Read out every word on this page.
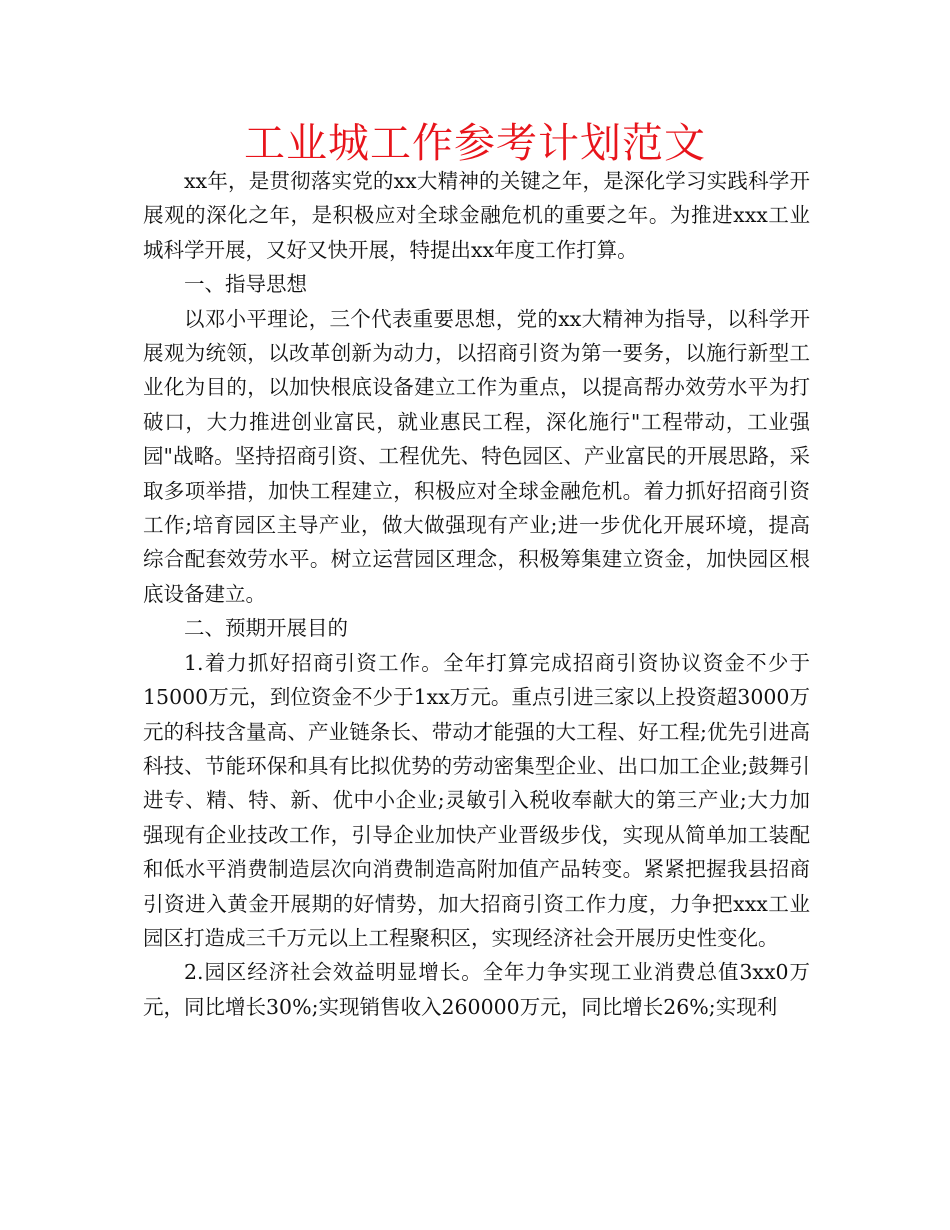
工业城工作参考计划范文

xx年，是贯彻落实党的xx大精神的关键之年，是深化学习实践科学开展观的深化之年，是积极应对全球金融危机的重要之年。为推进xxx工业城科学开展，又好又快开展，特提出xx年度工作打算。

一、指导思想

以邓小平理论，三个代表重要思想，党的xx大精神为指导，以科学开展观为统领，以改革创新为动力，以招商引资为第一要务，以施行新型工业化为目的，以加快根底设备建立工作为重点，以提高帮办效劳水平为打破口，大力推进创业富民，就业惠民工程，深化施行"工程带动，工业强园"战略。坚持招商引资、工程优先、特色园区、产业富民的开展思路，采取多项举措，加快工程建立，积极应对全球金融危机。着力抓好招商引资工作;培育园区主导产业，做大做强现有产业;进一步优化开展环境，提高综合配套效劳水平。树立运营园区理念，积极筹集建立资金，加快园区根底设备建立。

二、预期开展目的

1.着力抓好招商引资工作。全年打算完成招商引资协议资金不少于15000万元，到位资金不少于1xx万元。重点引进三家以上投资超3000万元的科技含量高、产业链条长、带动才能强的大工程、好工程;优先引进高科技、节能环保和具有比拟优势的劳动密集型企业、出口加工企业;鼓舞引进专、精、特、新、优中小企业;灵敏引入税收奉献大的第三产业;大力加强现有企业技改工作，引导企业加快产业晋级步伐，实现从简单加工装配和低水平消费制造层次向消费制造高附加值产品转变。紧紧把握我县招商引资进入黄金开展期的好情势，加大招商引资工作力度，力争把xxx工业园区打造成三千万元以上工程聚积区，实现经济社会开展历史性变化。

2.园区经济社会效益明显增长。全年力争实现工业消费总值3xx0万元，同比增长30%;实现销售收入260000万元，同比增长26%;实现利
